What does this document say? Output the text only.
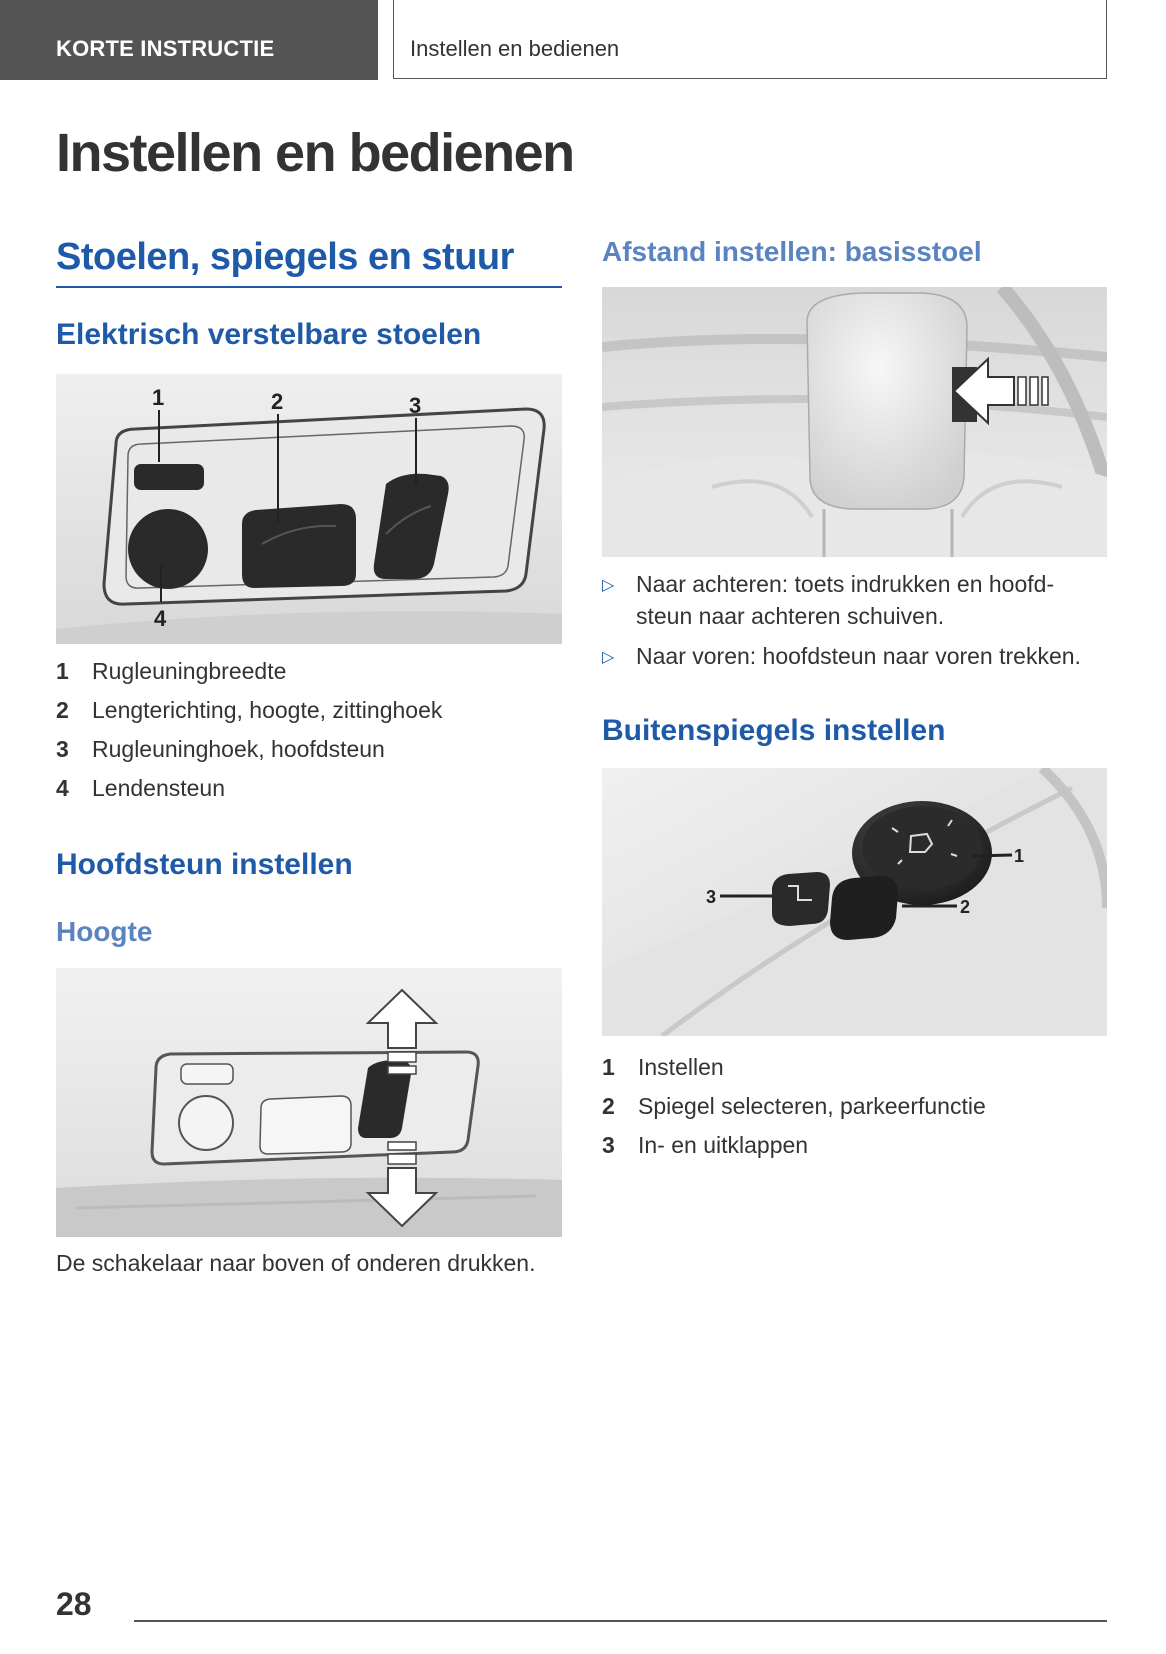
KORTE INSTRUCTIE	Instellen en bedienen
Instellen en bedienen
Stoelen, spiegels en stuur
Elektrisch verstelbare stoelen
1	2	3
4
1	Rugleuningbreedte
2	Lengterichting, hoogte, zittinghoek
3	Rugleuninghoek, hoofdsteun
4	Lendensteun
Hoofdsteun instellen
Hoogte

De schakelaar naar boven of onderen drukken.

Afstand instellen: basisstoel
▷ Naar achteren: toets indrukken en hoofdsteun naar achteren schuiven.
▷ Naar voren: hoofdsteun naar voren trekken.
Buitenspiegels instellen
1
2
3
1	Instellen
2	Spiegel selecteren, parkeerfunctie
3	In- en uitklappen
28
